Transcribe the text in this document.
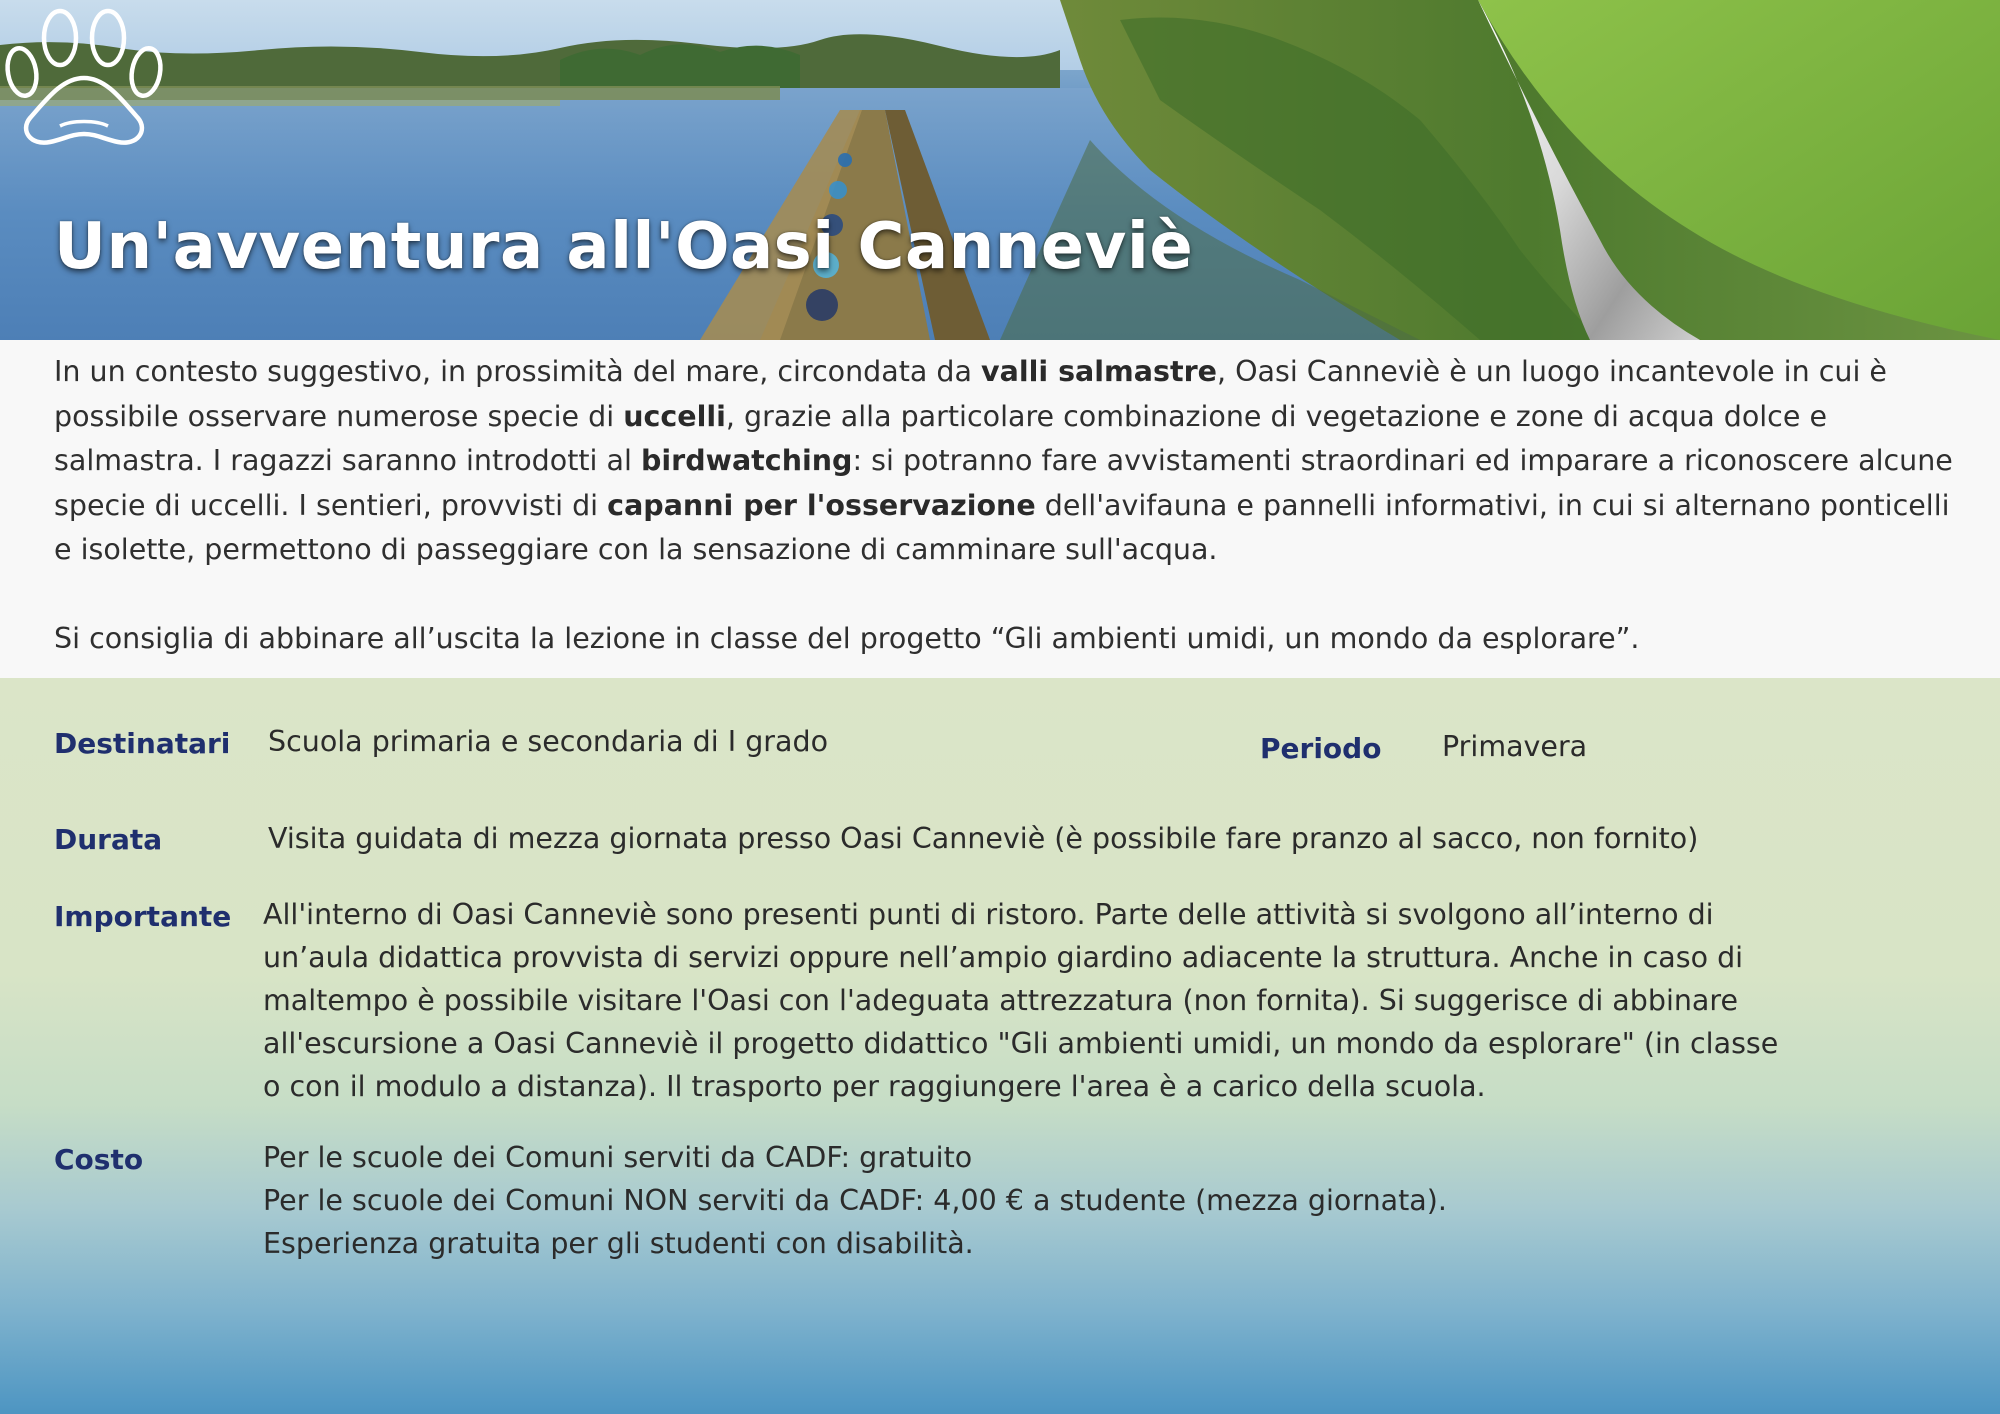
Un'avventura all'Oasi Canneviè

In un contesto suggestivo, in prossimità del mare, circondata da valli salmastre, Oasi Canneviè è un luogo incantevole in cui è possibile osservare numerose specie di uccelli, grazie alla particolare combinazione di vegetazione e zone di acqua dolce e salmastra. I ragazzi saranno introdotti al birdwatching: si potranno fare avvistamenti straordinari ed imparare a riconoscere alcune specie di uccelli. I sentieri, provvisti di capanni per l'osservazione dell'avifauna e pannelli informativi, in cui si alternano ponticelli e isolette, permettono di passeggiare con la sensazione di camminare sull'acqua.

Si consiglia di abbinare all’uscita la lezione in classe del progetto “Gli ambienti umidi, un mondo da esplorare”.

Destinatari Scuola primaria e secondaria di I grado	Periodo Primavera
Durata	Visita guidata di mezza giornata presso Oasi Canneviè (è possibile fare pranzo al sacco, non fornito)
Importante All'interno di Oasi Canneviè sono presenti punti di ristoro. Parte delle attività si svolgono all’interno di
un’aula didattica provvista di servizi oppure nell’ampio giardino adiacente la struttura. Anche in caso di
maltempo è possibile visitare l'Oasi con l'adeguata attrezzatura (non fornita). Si suggerisce di abbinare
all'escursione a Oasi Canneviè il progetto didattico "Gli ambienti umidi, un mondo da esplorare" (in classe
o con il modulo a distanza). Il trasporto per raggiungere l'area è a carico della scuola.
Costo	Per le scuole dei Comuni serviti da CADF: gratuito
Per le scuole dei Comuni NON serviti da CADF: 4,00 € a studente (mezza giornata).
Esperienza gratuita per gli studenti con disabilità.
